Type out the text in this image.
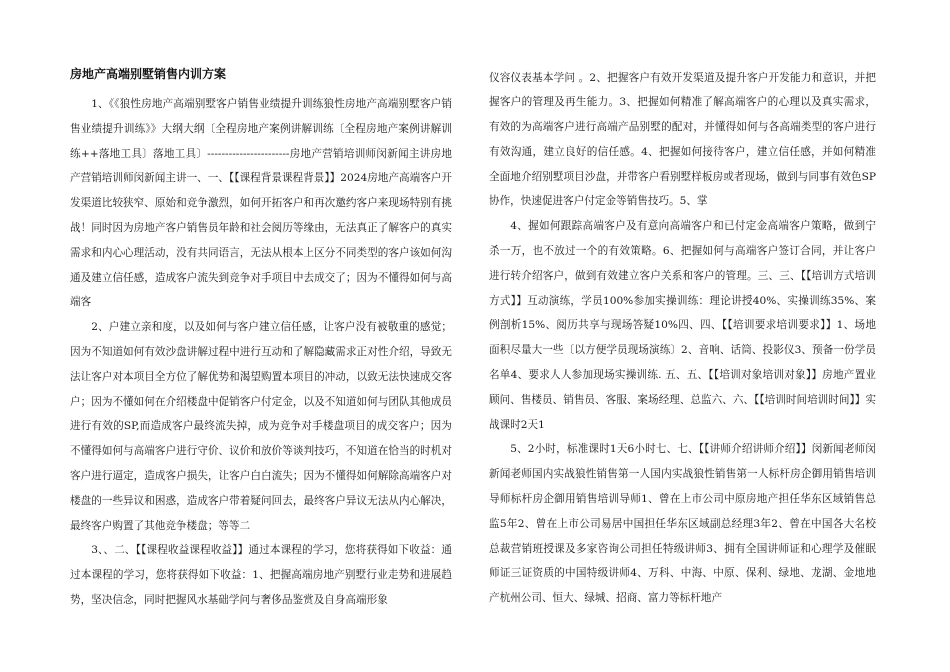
房地产高端别墅销售内训方案

1、《《狼性房地产高端别墅客户销售业绩提升训练狼性房地产高端别墅客户销售业绩提升训练》》大纲大纲〔全程房地产案例讲解训练〔全程房地产案例讲解训练++落地工具〕落地工具〕-----------------------房地产营销培训师闵新闻主讲房地产营销培训师闵新闻主讲一、一、【【课程背景课程背景】】2024房地产高端客户开发渠道比较狭窄、原始和竞争激烈，如何开拓客户和再次邀约客户来现场特别有挑战！同时因为房地产客户销售员年龄和社会阅历等缘由，无法真正了解客户的真实需求和内心心理活动，没有共同语言，无法从根本上区分不同类型的客户该如何沟通及建立信任感，造成客户流失到竞争对手项目中去成交了；因为不懂得如何与高端客

2、户建立亲和度，以及如何与客户建立信任感，让客户没有被敬重的感觉；因为不知道如何有效沙盘讲解过程中进行互动和了解隐藏需求正对性介绍，导致无法让客户对本项目全方位了解优势和渴望购置本项目的冲动，以致无法快速成交客户；因为不懂如何在介绍楼盘中促销客户付定金，以及不知道如何与团队其他成员进行有效的SP,而造成客户最终流失掉，成为竞争对手楼盘项目的成交客户；因为不懂得如何与高端客户进行守价、议价和放价等谈判技巧，不知道在恰当的时机对客户进行逼定，造成客户损失，让客户白白流失；因为不懂得如何解除高端客户对楼盘的一些异议和困惑，造成客户带着疑问回去，最终客户异议无法从内心解决，最终客户购置了其他竞争楼盘；等等二

3、、二、【【课程收益课程收益】】通过本课程的学习，您将获得如下收益：通过本课程的学习，您将获得如下收益：1、把握高端房地产别墅行业走势和进展趋势，坚决信念，同时把握风水基础学问与奢侈品鉴赏及自身高端形象

仪容仪表基本学问 。2、把握客户有效开发渠道及提升客户开发能力和意识，并把握客户的管理及再生能力。3、把握如何精准了解高端客户的心理以及真实需求，有效的为高端客户进行高端产品别墅的配对，并懂得如何与各高端类型的客户进行有效沟通，建立良好的信任感。4、把握如何接待客户，建立信任感，并如何精准全面地介绍别墅项目沙盘，并带客户看别墅样板房或者现场，做到与同事有效色SP协作，快速促进客户付定金等销售技巧。5、掌

4、握如何跟踪高端客户及有意向高端客户和已付定金高端客户策略，做到宁杀一万，也不放过一个的有效策略。6、把握如何与高端客户签订合同，并让客户进行转介绍客户，做到有效建立客户关系和客户的管理。三、三、【【培训方式培训方式】】互动演练，学员100%参加实操训练：理论讲授40%、实操训练35%、案例剖析15%、阅历共享与现场答疑10%四、四、【【培训要求培训要求】】1、场地面积尽量大一些〔以方便学员现场演练〕2、音响、话筒、投影仪3、预备一份学员名单4、要求人人参加现场实操训练. 五、五、【【培训对象培训对象】】房地产置业顾问、售楼员、销售员、客服、案场经理、总监六、六、【【培训时间培训时间】】实战课时2天1

5、2小时，标准课时1天6小时七、七、【【讲师介绍讲师介绍】】闵新闻老师闵新闻老师国内实战狼性销售第一人国内实战狼性销售第一人标杆房企御用销售培训导师标杆房企御用销售培训导师1、曾在上市公司中原房地产担任华东区域销售总监5年2、曾在上市公司易居中国担任华东区域副总经理3年2、曾在中国各大名校总裁营销班授课及多家咨询公司担任特级讲师3、拥有全国讲师证和心理学及催眠师证三证资质的中国特级讲师4、万科、中海、中原、保利、绿地、龙湖、金地地产杭州公司、恒大、绿城、招商、富力等标杆地产
